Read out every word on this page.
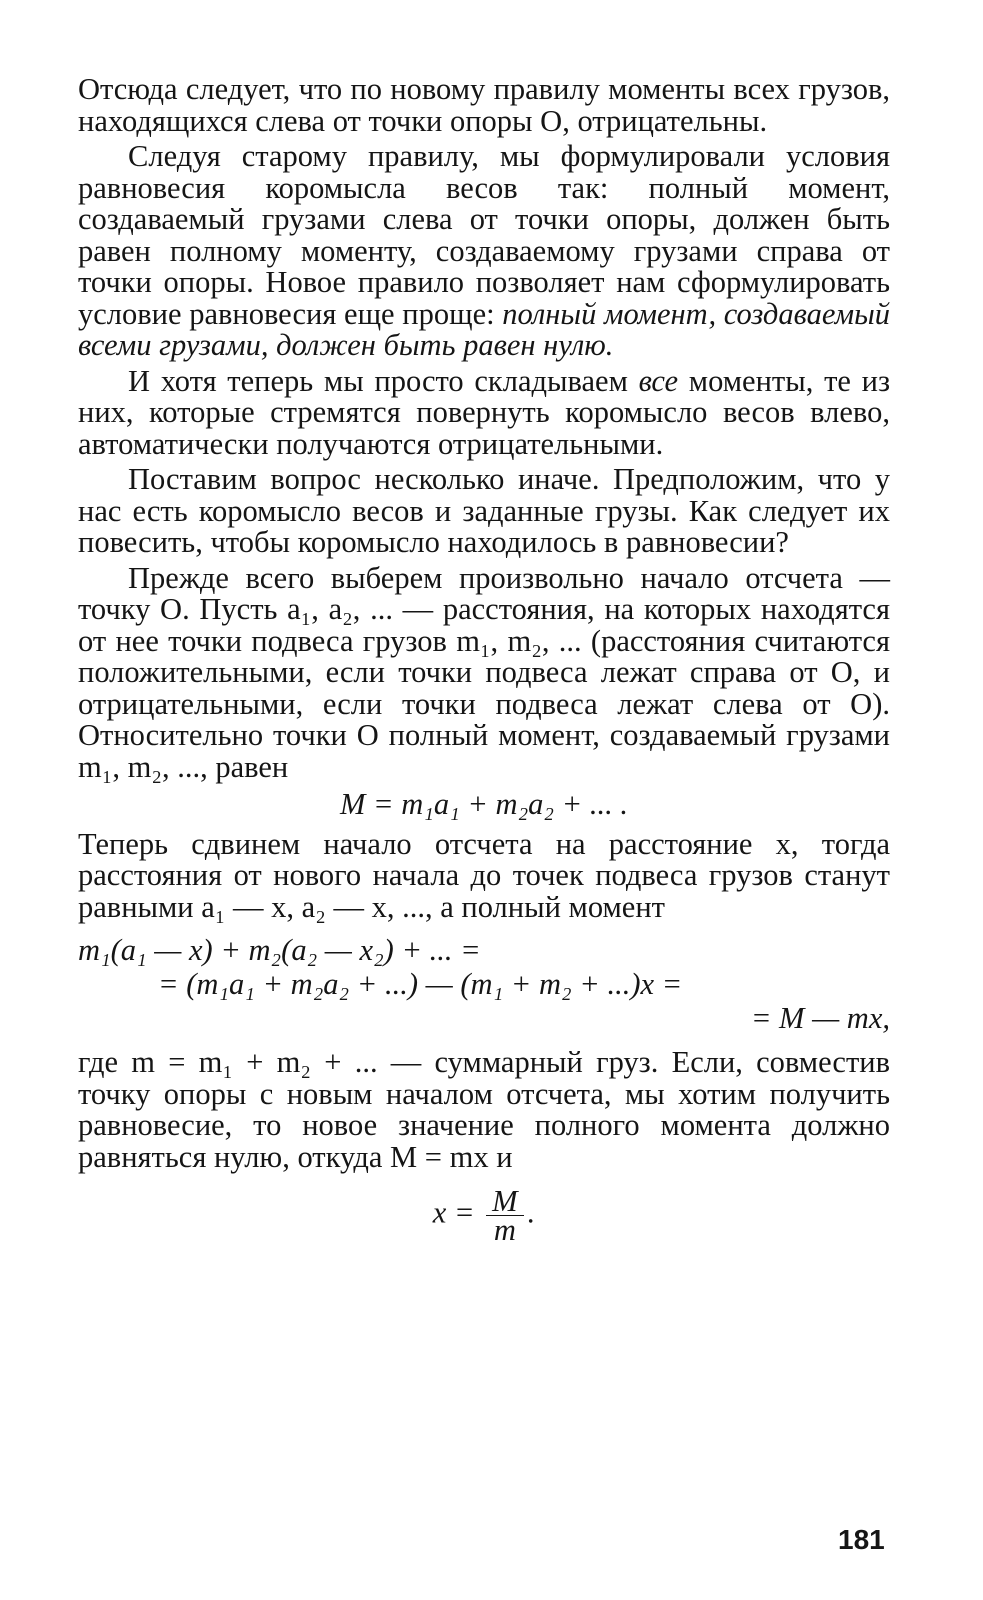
Отсюда следует, что по новому правилу моменты всех грузов, находящихся слева от точки опоры O, отрицательны.

Следуя старому правилу, мы формулировали условия равновесия коромысла весов так: полный момент, создаваемый грузами слева от точки опоры, должен быть равен полному моменту, создаваемому грузами справа от точки опоры. Новое правило позволяет нам сформулировать условие равновесия еще проще: полный момент, создаваемый всеми грузами, должен быть равен нулю.

И хотя теперь мы просто складываем все моменты, те из них, которые стремятся повернуть коромысло весов влево, автоматически получаются отрицательными.

Поставим вопрос несколько иначе. Предположим, что у нас есть коромысло весов и заданные грузы. Как следует их повесить, чтобы коромысло находилось в равновесии?

Прежде всего выберем произвольно начало отсчета — точку O. Пусть a₁, a₂, ... — расстояния, на которых находятся от нее точки подвеса грузов m₁, m₂, ... (расстояния считаются положительными, если точки подвеса лежат справа от O, и отрицательными, если точки подвеса лежат слева от O). Относительно точки O полный момент, создаваемый грузами m₁, m₂, ..., равен

M = m₁a₁ + m₂a₂ + ... .

Теперь сдвинем начало отсчета на расстояние x, тогда расстояния от нового начала до точек подвеса грузов станут равными a₁ — x, a₂ — x, ..., а полный момент

m₁(a₁ — x) + m₂(a₂ — x₂) + ... =
= (m₁a₁ + m₂a₂ + ...) — (m₁ + m₂ + ...)x =
= M — mx,

где m = m₁ + m₂ + ... — суммарный груз. Если, совместив точку опоры с новым началом отсчета, мы хотим получить равновесие, то новое значение полного момента должно равняться нулю, откуда M = mx и

$x = \frac{M}{m}$ .
181
